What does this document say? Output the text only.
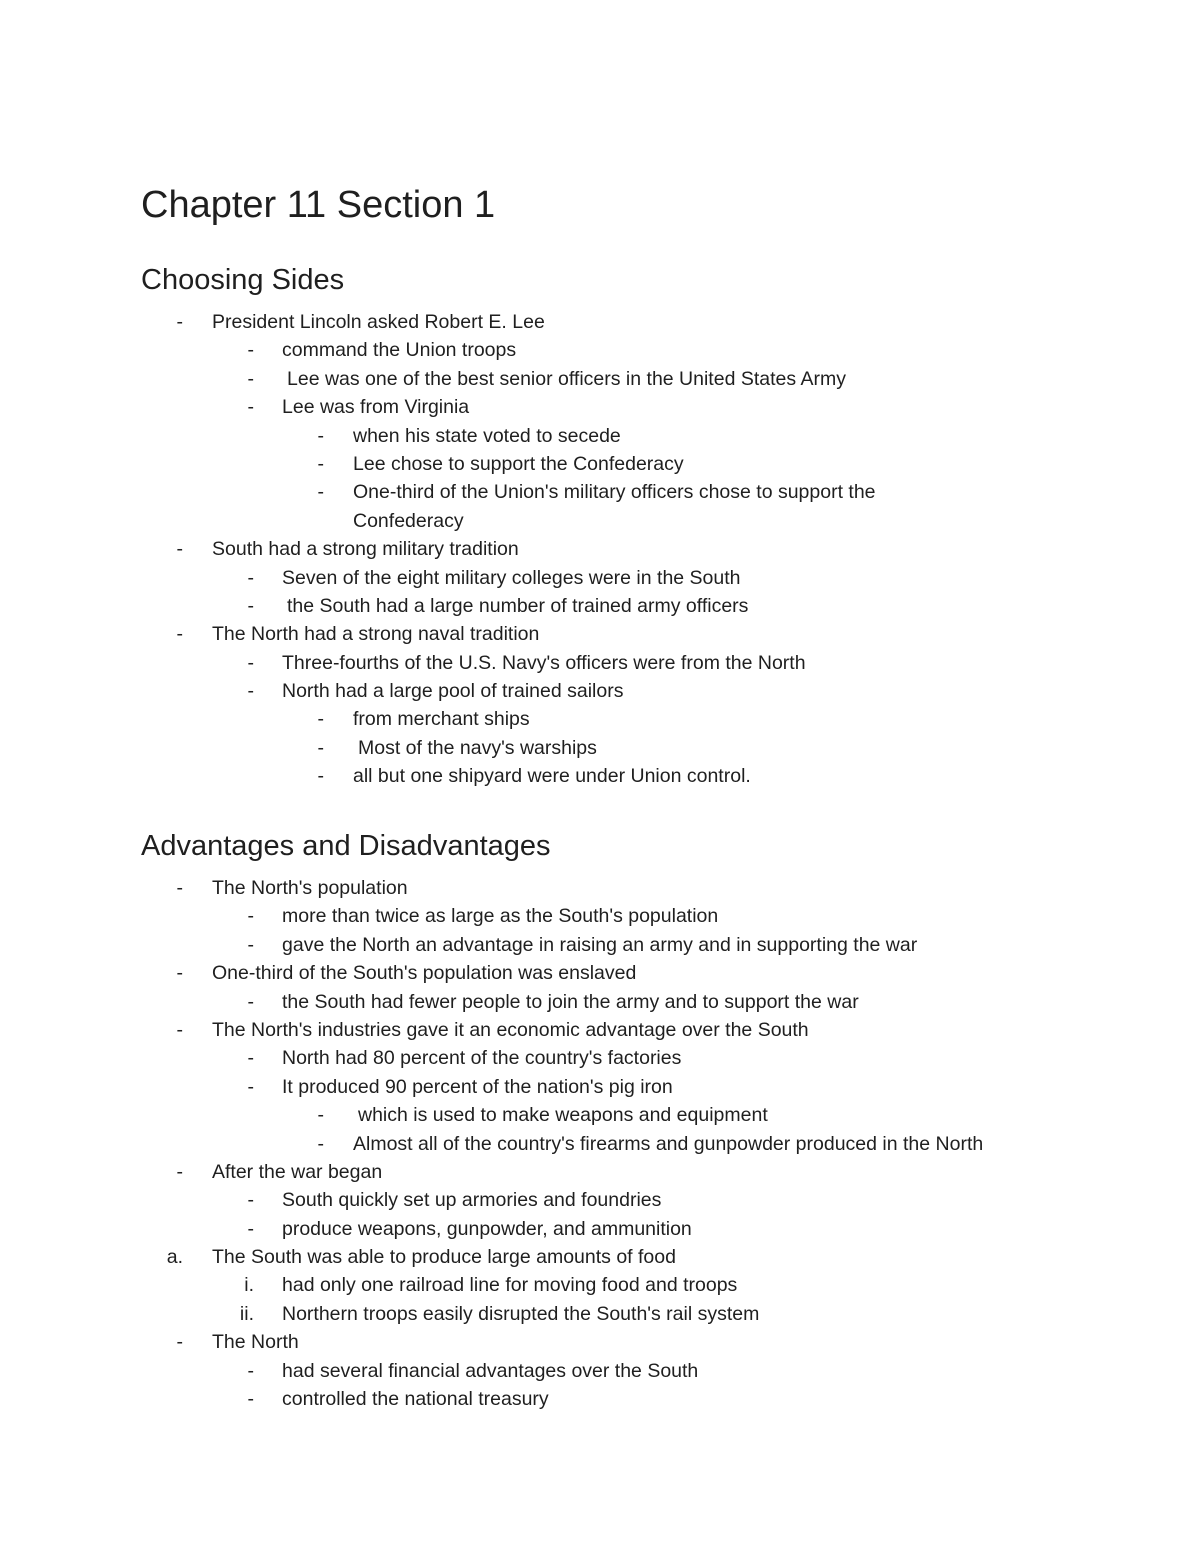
Chapter 11 Section 1
Choosing Sides
- President Lincoln asked Robert E. Lee
- command the Union troops
- Lee was one of the best senior officers in the United States Army
- Lee was from Virginia
- when his state voted to secede
- Lee chose to support the Confederacy
- One-third of the Union's military officers chose to support the Confederacy
- South had a strong military tradition
- Seven of the eight military colleges were in the South
- the South had a large number of trained army officers
- The North had a strong naval tradition
- Three-fourths of the U.S. Navy's officers were from the North
- North had a large pool of trained sailors
- from merchant ships
- Most of the navy's warships
- all but one shipyard were under Union control.
Advantages and Disadvantages
- The North's population
- more than twice as large as the South's population
- gave the North an advantage in raising an army and in supporting the war
- One-third of the South's population was enslaved
- the South had fewer people to join the army and to support the war
- The North's industries gave it an economic advantage over the South
- North had 80 percent of the country's factories
- It produced 90 percent of the nation's pig iron
- which is used to make weapons and equipment
- Almost all of the country's firearms and gunpowder produced in the North
- After the war began
- South quickly set up armories and foundries
- produce weapons, gunpowder, and ammunition
a. The South was able to produce large amounts of food
i. had only one railroad line for moving food and troops
ii. Northern troops easily disrupted the South's rail system
- The North
- had several financial advantages over the South
- controlled the national treasury
